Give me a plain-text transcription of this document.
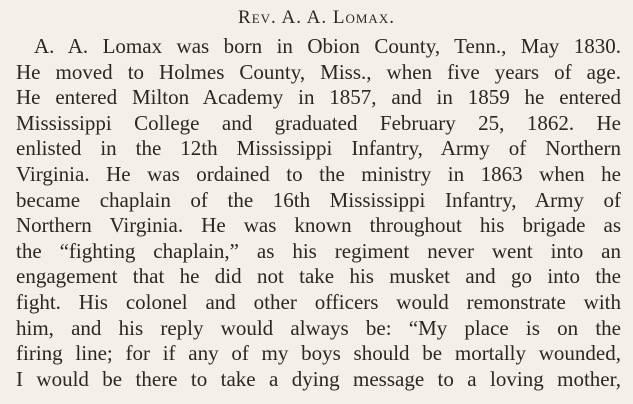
Rev. A. A. Lomax.
A. A. Lomax was born in Obion County, Tenn., May 1830.
He moved to Holmes County, Miss., when five years of age.
He entered Milton Academy in 1857, and in 1859 he entered
Mississippi College and graduated February 25, 1862. He
enlisted in the 12th Mississippi Infantry, Army of Northern
Virginia. He was ordained to the ministry in 1863 when he
became chaplain of the 16th Mississippi Infantry, Army of
Northern Virginia. He was known throughout his brigade as
the “fighting chaplain,” as his regiment never went into an
engagement that he did not take his musket and go into the
fight. His colonel and other officers would remonstrate with
him, and his reply would always be: “My place is on the
firing line; for if any of my boys should be mortally wounded,
I would be there to take a dying message to a loving mother,
